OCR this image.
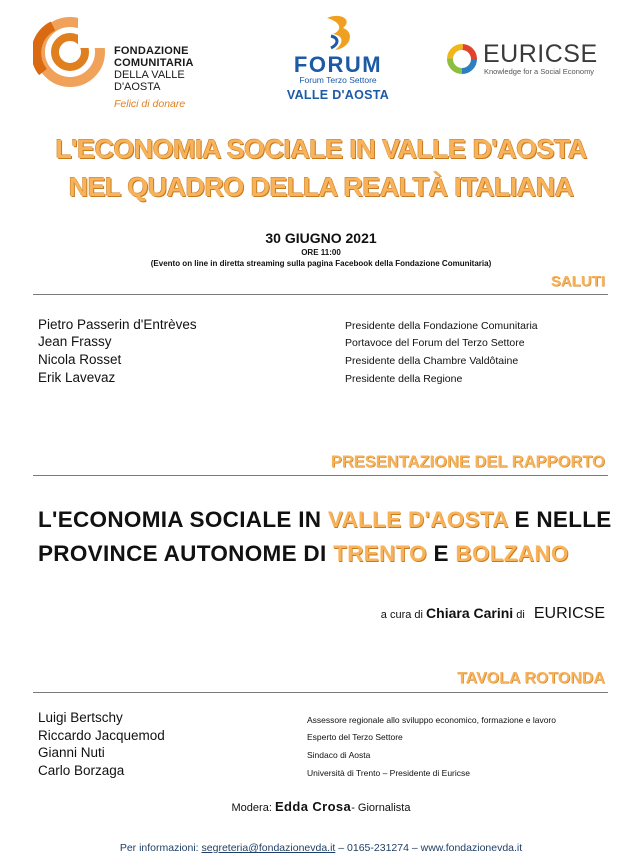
FONDAZIONE
COMUNITARIA
DELLA VALLE
D'AOSTA
Felici di donare
FORUM
Forum Terzo Settore
VALLE D'AOSTA
EURICSE
Knowledge for a Social Economy
L'ECONOMIA SOCIALE IN VALLE D'AOSTA
NEL QUADRO DELLA REALTÀ ITALIANA
30 GIUGNO 2021
ORE 11:00
(Evento on line in diretta streaming sulla pagina Facebook della Fondazione Comunitaria)
SALUTI
Pietro Passerin d'Entrèves	Presidente della Fondazione Comunitaria
Jean Frassy	Portavoce del Forum del Terzo Settore
Nicola Rosset	Presidente della Chambre Valdôtaine
Erik Lavevaz	Presidente della Regione
PRESENTAZIONE DEL RAPPORTO
L'ECONOMIA SOCIALE IN VALLE D'AOSTA E NELLE PROVINCE AUTONOME DI TRENTO E BOLZANO
a cura di Chiara Carini di EURICSE
TAVOLA ROTONDA
Luigi Bertschy	Assessore regionale allo sviluppo economico, formazione e lavoro
Riccardo Jacquemod	Esperto del Terzo Settore
Gianni Nuti	Sindaco di Aosta
Carlo Borzaga	Università di Trento – Presidente di Euricse
Modera: Edda Crosa- Giornalista
Per informazioni: segreteria@fondazionevda.it – 0165-231274 – www.fondazionevda.it
